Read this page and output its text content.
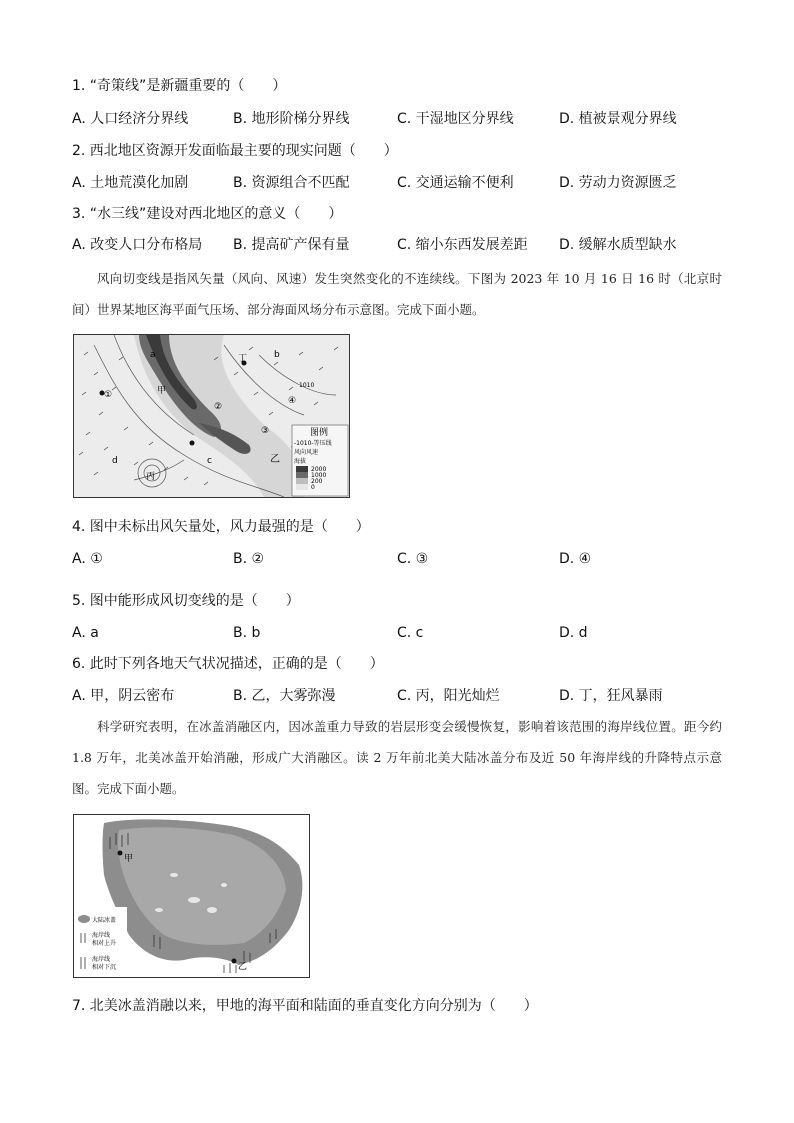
1. “奇策线”是新疆重要的（　　）
A. 人口经济分界线	B. 地形阶梯分界线	C. 干湿地区分界线	D. 植被景观分界线
2. 西北地区资源开发面临最主要的现实问题（　　）
A. 土地荒漠化加剧	B. 资源组合不匹配	C. 交通运输不便利	D. 劳动力资源匮乏
3. “水三线”建设对西北地区的意义（　　）
A. 改变人口分布格局 B. 提高矿产保有量	C. 缩小东西发展差距 D. 缓解水质型缺水
风向切变线是指风矢量（风向、风速）发生突然变化的不连续线。下图为 2023 年 10 月 16 日 16 时（北京时间）世界某地区海平面气压场、部分海面风场分布示意图。完成下面小题。
a	b
c
d
①
②
③
④
甲
乙
丙
丁
1010
图例
-1010-等压线
风向风速
海拔
2000
1000
200
0
4. 图中未标出风矢量处，风力最强的是（　　）
A. ①	B. ②	C. ③	D. ④
5. 图中能形成风切变线的是（　　）
A. a	B. b	C. c	D. d
6. 此时下列各地天气状况描述，正确的是（　　）
A. 甲，阴云密布	B. 乙，大雾弥漫	C. 丙，阳光灿烂	D. 丁，狂风暴雨
科学研究表明，在冰盖消融区内，因冰盖重力导致的岩层形变会缓慢恢复，影响着该范围的海岸线位置。距今约 1.8 万年，北美冰盖开始消融，形成广大消融区。读 2 万年前北美大陆冰盖分布及近 50 年海岸线的升降特点示意图。完成下面小题。
甲
乙
大陆冰盖
海岸线
相对上升
海岸线
相对下沉
7. 北美冰盖消融以来，甲地的海平面和陆面的垂直变化方向分别为（　　）
